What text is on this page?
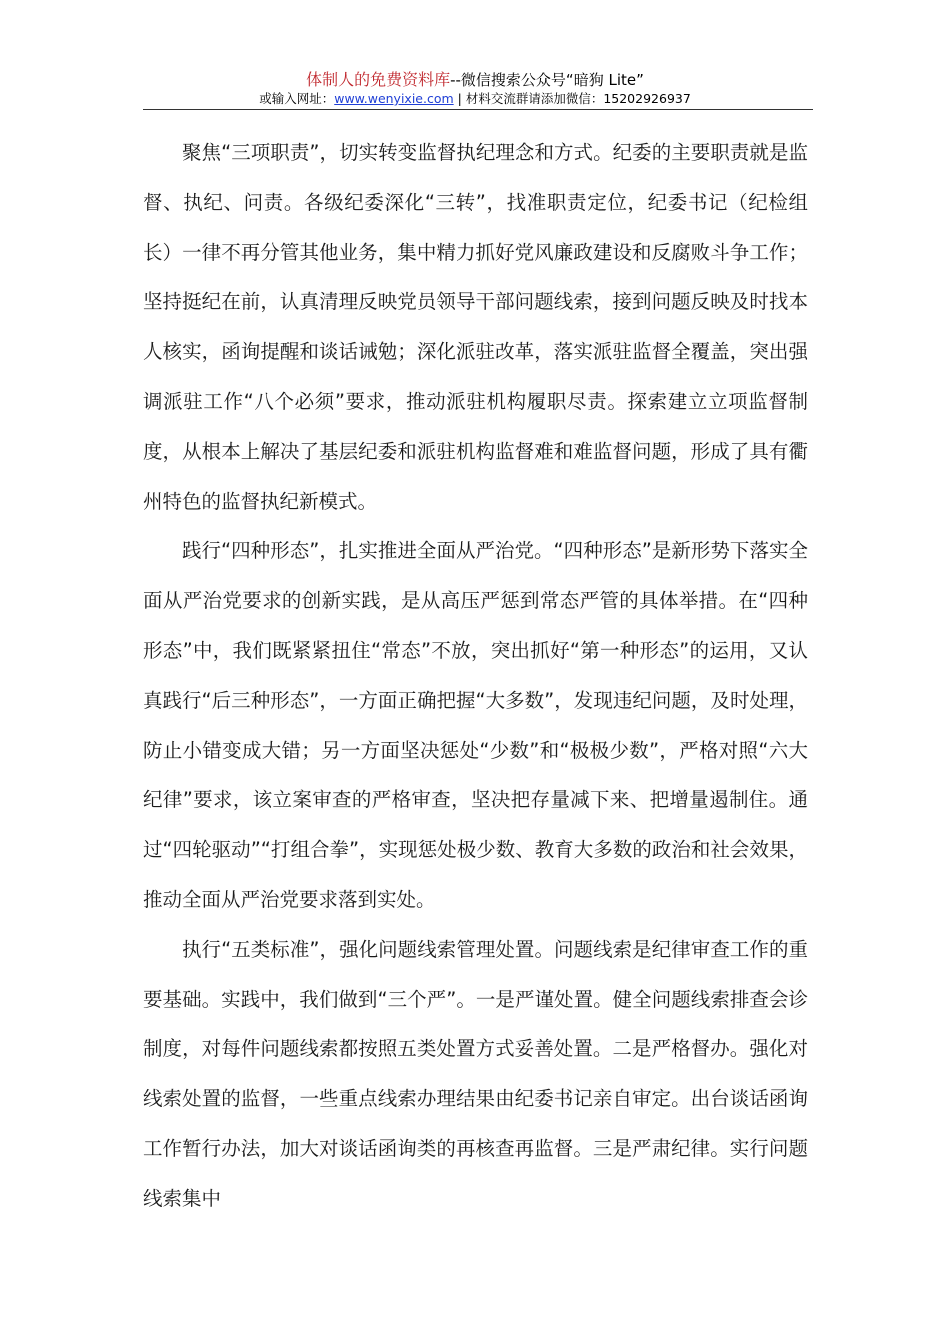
体制人的免费资料库--微信搜索公众号“暗狗 Lite”
或输入网址：www.wenyixie.com | 材料交流群请添加微信：15202926937

聚焦“三项职责”，切实转变监督执纪理念和方式。纪委的主要职责就是监督、执纪、问责。各级纪委深化“三转”，找准职责定位，纪委书记（纪检组长）一律不再分管其他业务，集中精力抓好党风廉政建设和反腐败斗争工作；坚持挺纪在前，认真清理反映党员领导干部问题线索，接到问题反映及时找本人核实，函询提醒和谈话诫勉；深化派驻改革，落实派驻监督全覆盖，突出强调派驻工作“八个必须”要求，推动派驻机构履职尽责。探索建立立项监督制度，从根本上解决了基层纪委和派驻机构监督难和难监督问题，形成了具有衢州特色的监督执纪新模式。

践行“四种形态”，扎实推进全面从严治党。“四种形态”是新形势下落实全面从严治党要求的创新实践，是从高压严惩到常态严管的具体举措。在“四种形态”中，我们既紧紧扭住“常态”不放，突出抓好“第一种形态”的运用，又认真践行“后三种形态”，一方面正确把握“大多数”，发现违纪问题，及时处理，防止小错变成大错；另一方面坚决惩处“少数”和“极极少数”，严格对照“六大纪律”要求，该立案审查的严格审查，坚决把存量减下来、把增量遏制住。通过“四轮驱动”“打组合拳”，实现惩处极少数、教育大多数的政治和社会效果，推动全面从严治党要求落到实处。

执行“五类标准”，强化问题线索管理处置。问题线索是纪律审查工作的重要基础。实践中，我们做到“三个严”。一是严谨处置。健全问题线索排查会诊制度，对每件问题线索都按照五类处置方式妥善处置。二是严格督办。强化对线索处置的监督，一些重点线索办理结果由纪委书记亲自审定。出台谈话函询工作暂行办法，加大对谈话函询类的再核查再监督。三是严肃纪律。实行问题线索集中
